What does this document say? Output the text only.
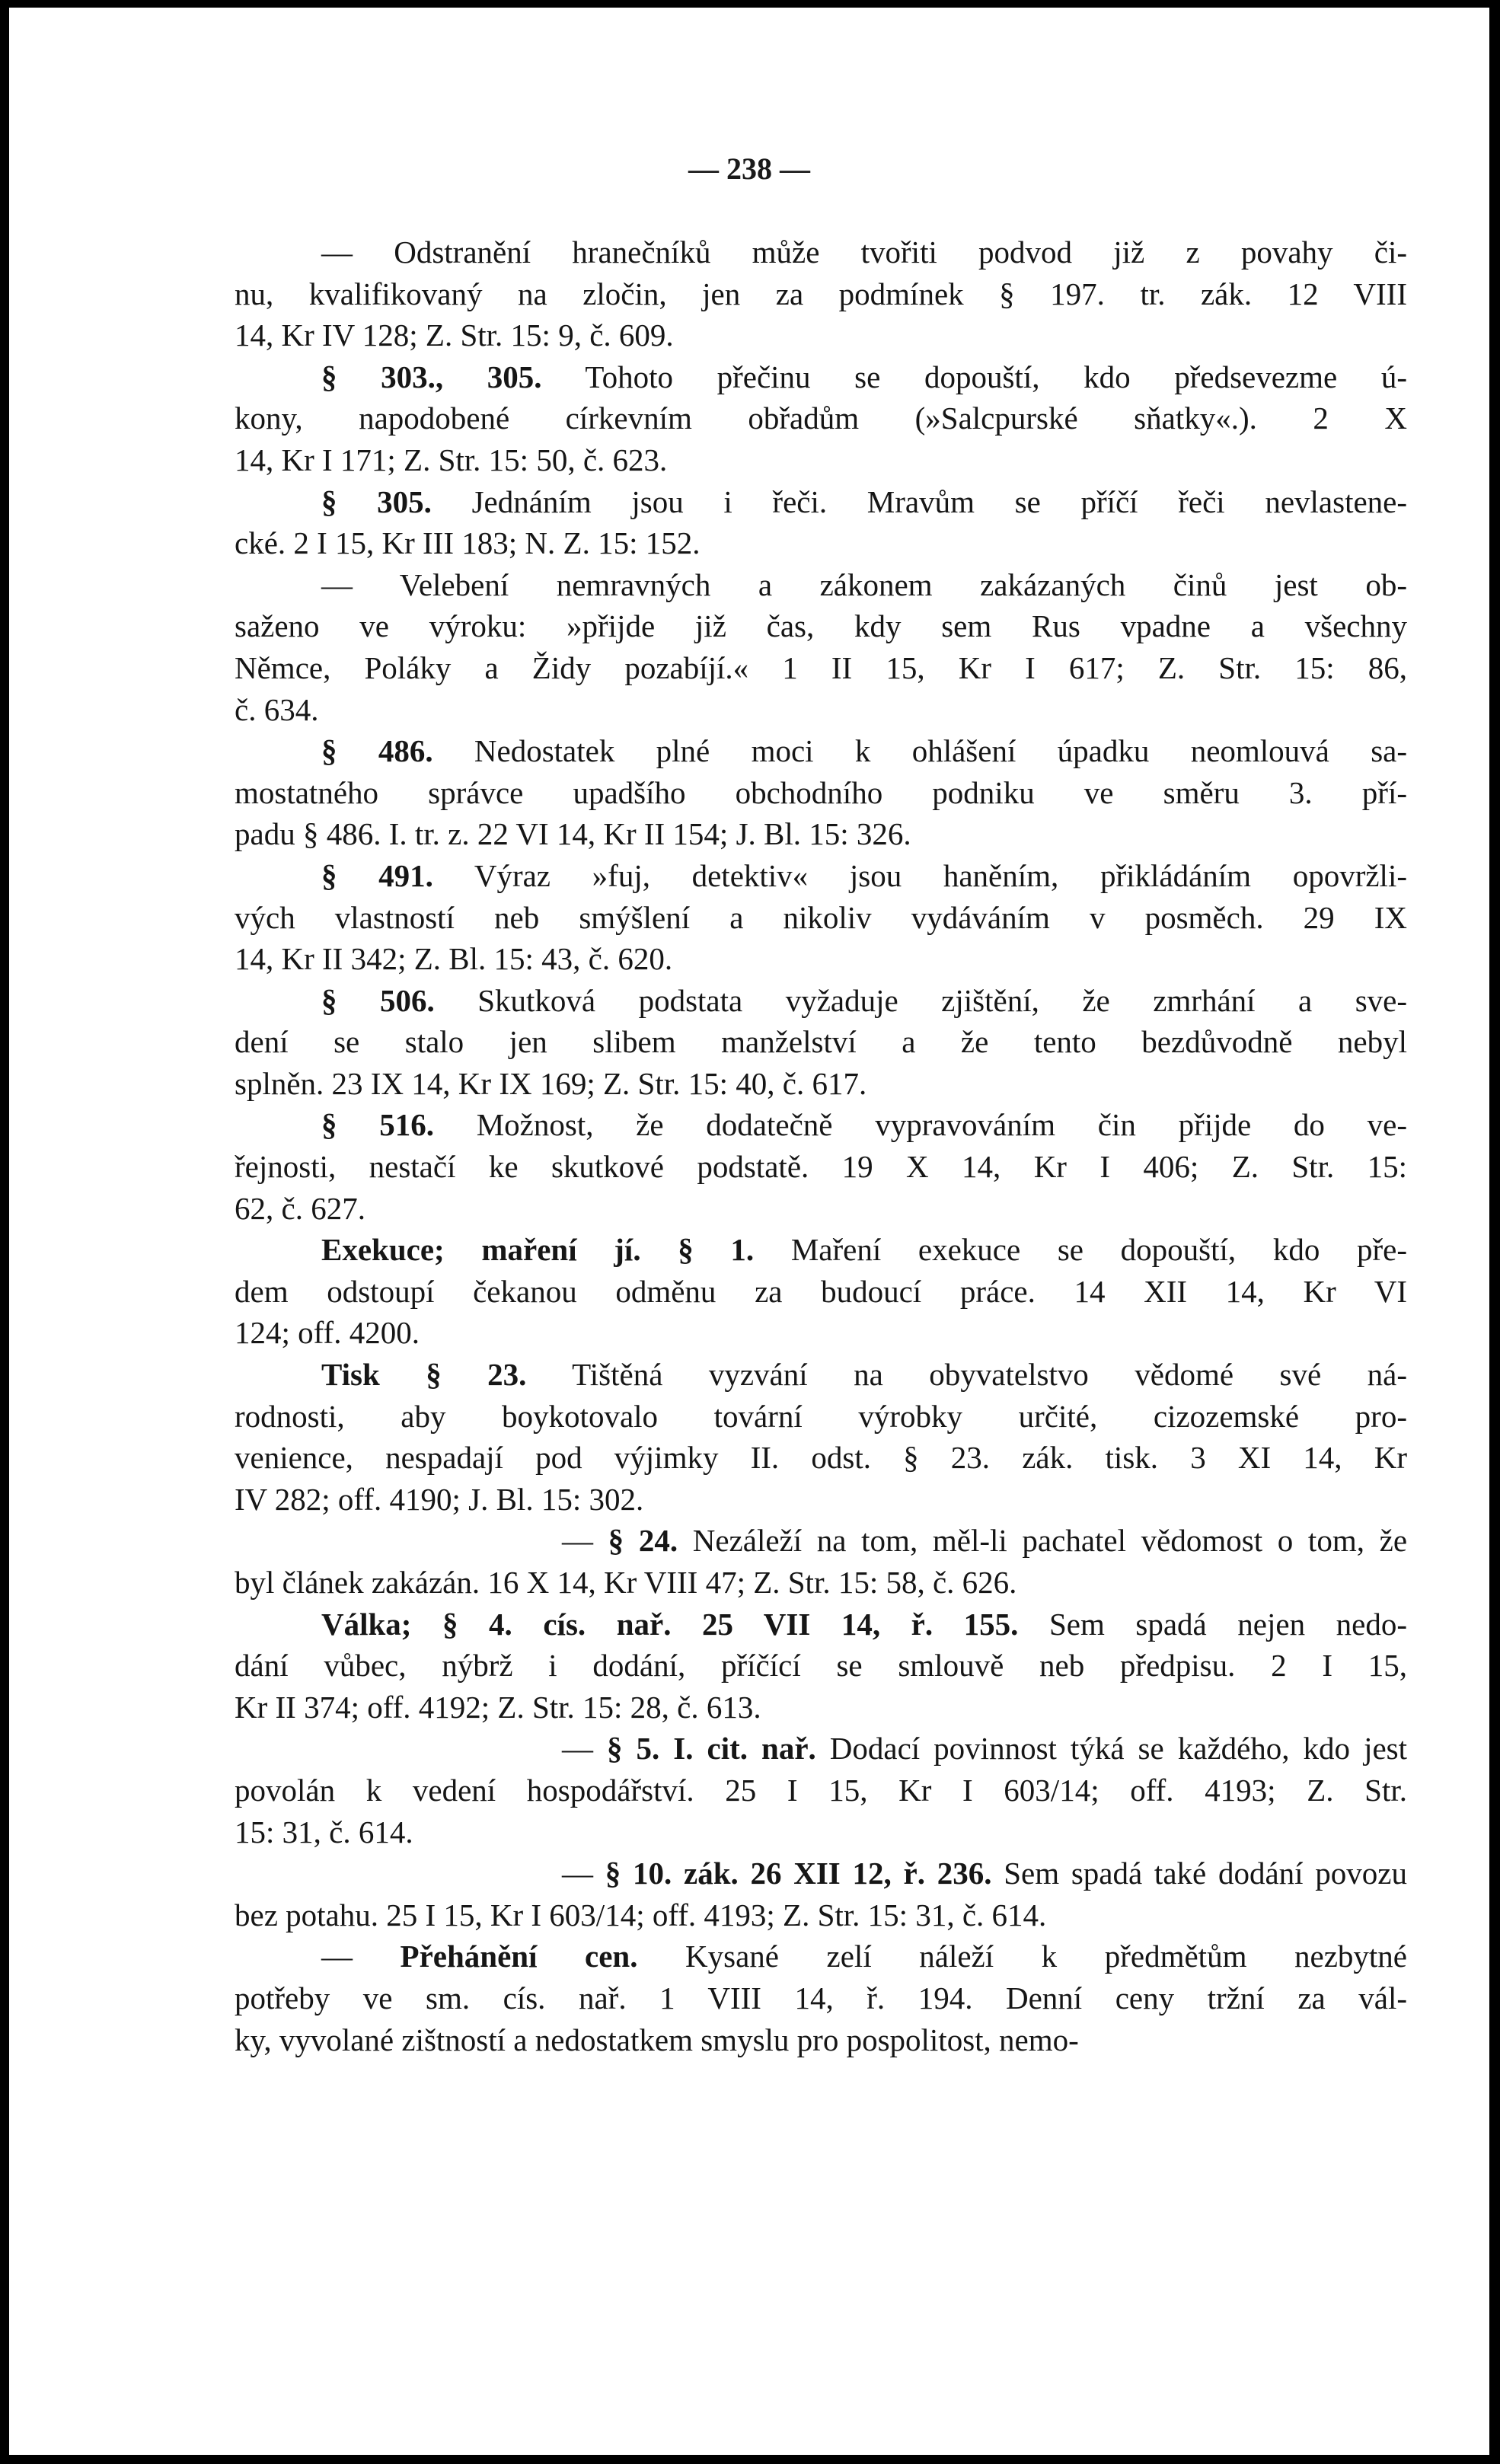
— 238 —
— Odstranění hranečníků může tvořiti podvod již z povahy či-
nu, kvalifikovaný na zločin, jen za podmínek § 197. tr. zák. 12 VIII
14, Kr IV 128; Z. Str. 15: 9, č. 609.
§ 303., 305. Tohoto přečinu se dopouští, kdo předsevezme ú-
kony, napodobené církevním obřadům (»Salcpurské sňatky«.). 2 X
14, Kr I 171; Z. Str. 15: 50, č. 623.
§ 305. Jednáním jsou i řeči. Mravům se příčí řeči nevlastene-
cké. 2 I 15, Kr III 183; N. Z. 15: 152.
— Velebení nemravných a zákonem zakázaných činů jest ob-
saženo ve výroku: »přijde již čas, kdy sem Rus vpadne a všechny
Němce, Poláky a Židy pozabíjí.« 1 II 15, Kr I 617; Z. Str. 15: 86,
č. 634.
§ 486. Nedostatek plné moci k ohlášení úpadku neomlouvá sa-
mostatného správce upadšího obchodního podniku ve směru 3. pří-
padu § 486. I. tr. z. 22 VI 14, Kr II 154; J. Bl. 15: 326.
§ 491. Výraz »fuj, detektiv« jsou haněním, přikládáním opovržli-
vých vlastností neb smýšlení a nikoliv vydáváním v posměch. 29 IX
14, Kr II 342; Z. Bl. 15: 43, č. 620.
§ 506. Skutková podstata vyžaduje zjištění, že zmrhání a sve-
dení se stalo jen slibem manželství a že tento bezdůvodně nebyl
splněn. 23 IX 14, Kr IX 169; Z. Str. 15: 40, č. 617.
§ 516. Možnost, že dodatečně vypravováním čin přijde do ve-
řejnosti, nestačí ke skutkové podstatě. 19 X 14, Kr I 406; Z. Str. 15:
62, č. 627.
Exekuce; maření jí. § 1. Maření exekuce se dopouští, kdo pře-
dem odstoupí čekanou odměnu za budoucí práce. 14 XII 14, Kr VI
124; off. 4200.
Tisk § 23. Tištěná vyzvání na obyvatelstvo vědomé své ná-
rodnosti, aby boykotovalo tovární výrobky určité, cizozemské pro-
venience, nespadají pod výjimky II. odst. § 23. zák. tisk. 3 XI 14, Kr
IV 282; off. 4190; J. Bl. 15: 302.
— § 24. Nezáleží na tom, měl-li pachatel vědomost o tom, že
byl článek zakázán. 16 X 14, Kr VIII 47; Z. Str. 15: 58, č. 626.
Válka; § 4. cís. nař. 25 VII 14, ř. 155. Sem spadá nejen nedo-
dání vůbec, nýbrž i dodání, příčící se smlouvě neb předpisu. 2 I 15,
Kr II 374; off. 4192; Z. Str. 15: 28, č. 613.
— § 5. I. cit. nař. Dodací povinnost týká se každého, kdo jest
povolán k vedení hospodářství. 25 I 15, Kr I 603/14; off. 4193; Z. Str.
15: 31, č. 614.
— § 10. zák. 26 XII 12, ř. 236. Sem spadá také dodání povozu
bez potahu. 25 I 15, Kr I 603/14; off. 4193; Z. Str. 15: 31, č. 614.
— Přehánění cen. Kysané zelí náleží k předmětům nezbytné
potřeby ve sm. cís. nař. 1 VIII 14, ř. 194. Denní ceny tržní za vál-
ky, vyvolané zištností a nedostatkem smyslu pro pospolitost, nemo-
